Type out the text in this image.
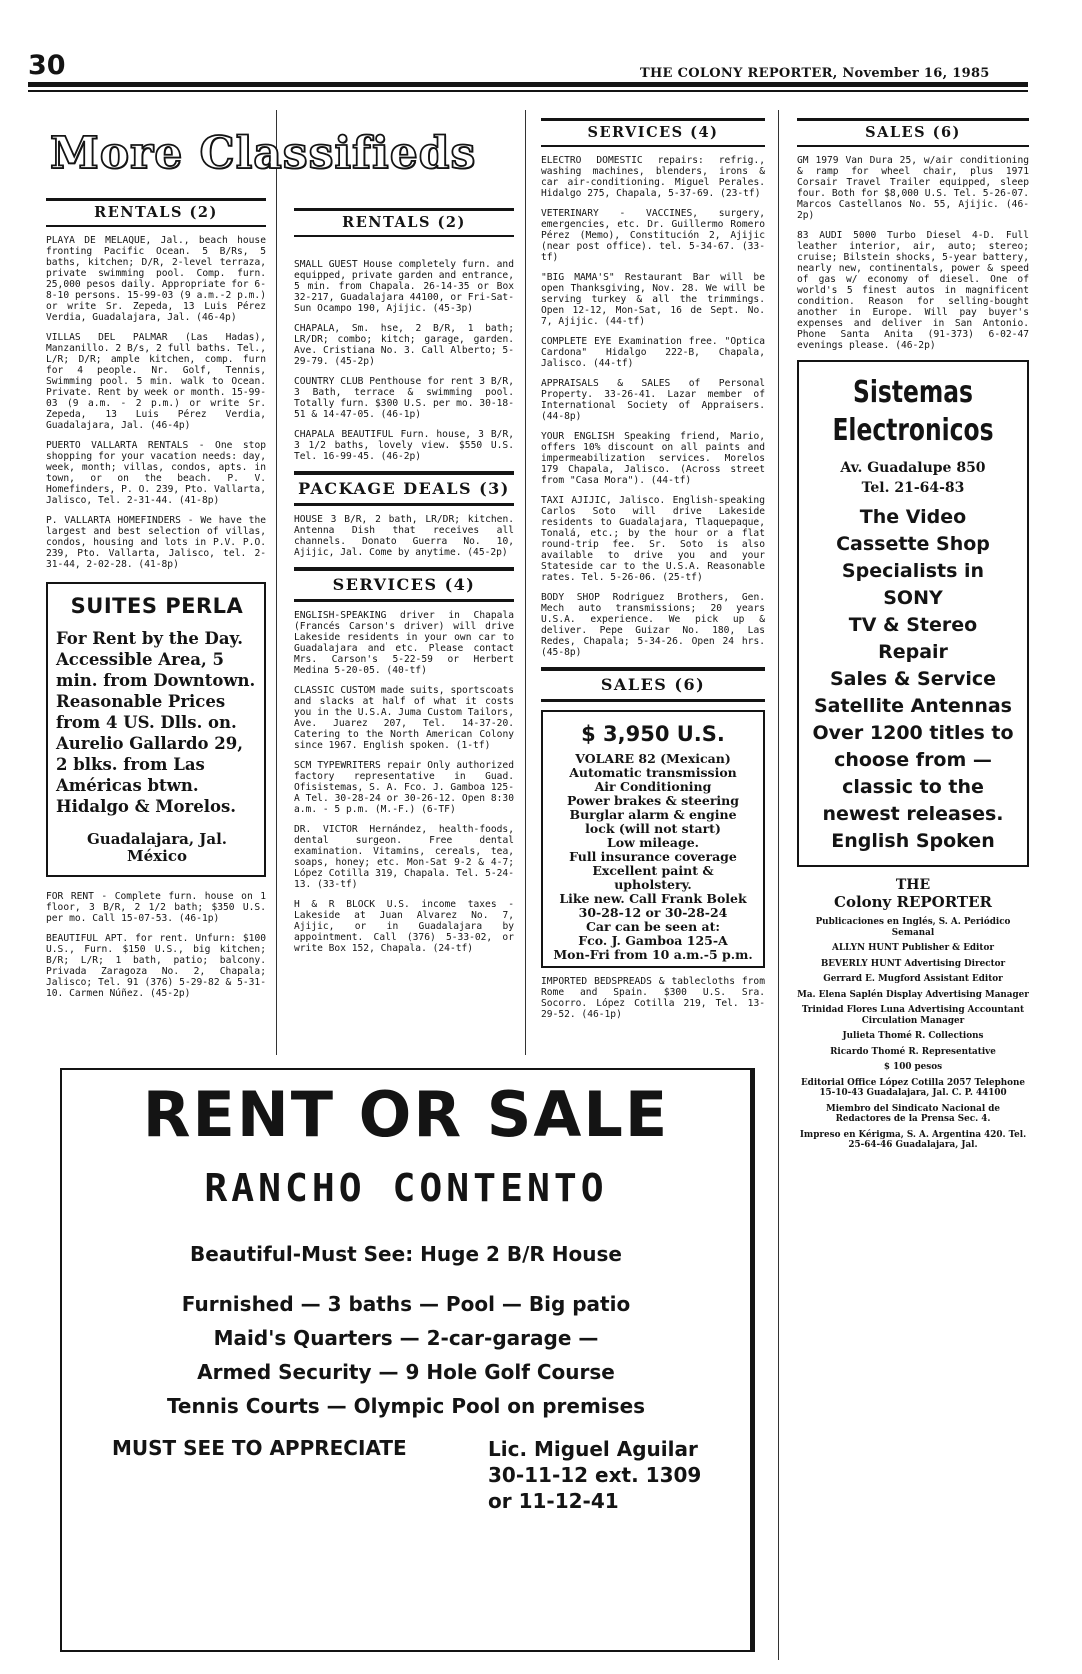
30	THE COLONY REPORTER, November 16, 1985
More Classifieds
RENTALS (2)
PLAYA DE MELAQUE, Jal., beach house fronting Pacific Ocean. 5 B/Rs, 5 baths, kitchen; D/R, 2-level terraza, private swimming pool. Comp. furn. 25,000 pesos daily. Appropriate for 6-8-10 persons. 15-99-03 (9 a.m.-2 p.m.) or write Sr. Zepeda, 13 Luis Pérez Verdia, Guadalajara, Jal. (46-4p)
VILLAS DEL PALMAR (Las Hadas), Manzanillo. 2 B/s, 2 full baths. Tel., L/R; D/R; ample kitchen, comp. furn for 4 people. Nr. Golf, Tennis, Swimming pool. 5 min. walk to Ocean. Private. Rent by week or month. 15-99-03 (9 a.m. - 2 p.m.) or write Sr. Zepeda, 13 Luis Pérez Verdia, Guadalajara, Jal. (46-4p)
PUERTO VALLARTA RENTALS - One stop shopping for your vacation needs: day, week, month; villas, condos, apts. in town, or on the beach. P. V. Homefinders, P. O. 239, Pto. Vallarta, Jalisco, Tel. 2-31-44. (41-8p)
P. VALLARTA HOMEFINDERS - We have the largest and best selection of villas, condos, housing and lots in P.V. P.O. 239, Pto. Vallarta, Jalisco, tel. 2-31-44, 2-02-28. (41-8p)
SUITES PERLA
For Rent by the Day. Accessible Area, 5 min. from Downtown. Reasonable Prices from 4 US. Dlls. on. Aurelio Gallardo 29, 2 blks. from Las Américas btwn. Hidalgo & Morelos.
Guadalajara, Jal.
México
FOR RENT - Complete furn. house on 1 floor, 3 B/R, 2 1/2 bath; $350 U.S. per mo. Call 15-07-53. (46-1p)
BEAUTIFUL APT. for rent. Unfurn: $100 U.S., Furn. $150 U.S., big kitchen; B/R; L/R; 1 bath, patio; balcony. Privada Zaragoza No. 2, Chapala; Jalisco; Tel. 91 (376) 5-29-82 & 5-31-10. Carmen Núñez. (45-2p)
RENTALS (2)
SMALL GUEST House completely furn. and equipped, private garden and entrance, 5 min. from Chapala. 26-14-35 or Box 32-217, Guadalajara 44100, or Fri-Sat-Sun Ocampo 190, Ajijic. (45-3p)
CHAPALA, Sm. hse, 2 B/R, 1 bath; LR/DR; combo; kitch; garage, garden. Ave. Cristiana No. 3. Call Alberto; 5-29-79. (45-2p)
COUNTRY CLUB Penthouse for rent 3 B/R, 3 Bath, terrace & swimming pool. Totally furn. $300 U.S. per mo. 30-18-51 & 14-47-05. (46-1p)
CHAPALA BEAUTIFUL Furn. house, 3 B/R, 3 1/2 baths, lovely view. $550 U.S. Tel. 16-99-45. (46-2p)
PACKAGE DEALS (3)
HOUSE 3 B/R, 2 bath, LR/DR; kitchen. Antenna Dish that receives all channels. Donato Guerra No. 10, Ajijic, Jal. Come by anytime. (45-2p)
SERVICES (4)
ENGLISH-SPEAKING driver in Chapala (Francés Carson's driver) will drive Lakeside residents in your own car to Guadalajara and etc. Please contact Mrs. Carson's 5-22-59 or Herbert Medina 5-20-05. (40-tf)
CLASSIC CUSTOM made suits, sportscoats and slacks at half of what it costs you in the U.S.A. Juma Custom Tailors, Ave. Juarez 207, Tel. 14-37-20. Catering to the North American Colony since 1967. English spoken. (1-tf)
SCM TYPEWRITERS repair Only authorized factory representative in Guad. Ofisistemas, S. A. Fco. J. Gamboa 125-A Tel. 30-28-24 or 30-26-12. Open 8:30 a.m. - 5 p.m. (M.-F.) (6-TF)
DR. VICTOR Hernández, health-foods, dental surgeon. Free dental examination. Vitamins, cereals, tea, soaps, honey; etc. Mon-Sat 9-2 & 4-7; López Cotilla 319, Chapala. Tel. 5-24-13. (33-tf)
H & R BLOCK U.S. income taxes - Lakeside at Juan Alvarez No. 7, Ajijic, or in Guadalajara by appointment. Call (376) 5-33-02, or write Box 152, Chapala. (24-tf)
SERVICES (4)
ELECTRO DOMESTIC repairs: refrig., washing machines, blenders, irons & car air-conditioning. Miguel Perales. Hidalgo 275, Chapala, 5-37-69. (23-tf)
VETERINARY - VACCINES, surgery, emergencies, etc. Dr. Guillermo Romero Pérez (Memo), Constitución 2, Ajijic (near post office). tel. 5-34-67. (33-tf)
"BIG MAMA'S" Restaurant Bar will be open Thanksgiving, Nov. 28. We will be serving turkey & all the trimmings. Open 12-12, Mon-Sat, 16 de Sept. No. 7, Ajijic. (44-tf)
COMPLETE EYE Examination free. "Optica Cardona" Hidalgo 222-B, Chapala, Jalisco. (44-tf)
APPRAISALS & SALES of Personal Property. 33-26-41. Lazar member of International Society of Appraisers. (44-8p)
YOUR ENGLISH Speaking friend, Mario, offers 10% discount on all paints and impermeabilization services. Morelos 179 Chapala, Jalisco. (Across street from "Casa Mora"). (44-tf)
TAXI AJIJIC, Jalisco. English-speaking Carlos Soto will drive Lakeside residents to Guadalajara, Tlaquepaque, Tonalá, etc.; by the hour or a flat round-trip fee. Sr. Soto is also available to drive you and your Stateside car to the U.S.A. Reasonable rates. Tel. 5-26-06. (25-tf)
BODY SHOP Rodriguez Brothers, Gen. Mech auto transmissions; 20 years U.S.A. experience. We pick up & deliver. Pepe Guizar No. 180, Las Redes, Chapala; 5-34-26. Open 24 hrs. (45-8p)
SALES (6)
$ 3,950 U.S.
VOLARE 82 (Mexican)
Automatic transmission
Air Conditioning
Power brakes & steering
Burglar alarm & engine
lock (will not start)
Low mileage.
Full insurance coverage
Excellent paint &
upholstery.
Like new. Call Frank Bolek
30-28-12 or 30-28-24
Car can be seen at:
Fco. J. Gamboa 125-A
Mon-Fri from 10 a.m.-5 p.m.
IMPORTED BEDSPREADS & tablecloths from Rome and Spain. $300 U.S. Sra. Socorro. López Cotilla 219, Tel. 13-29-52. (46-1p)
SALES (6)
GM 1979 Van Dura 25, w/air conditioning & ramp for wheel chair, plus 1971 Corsair Travel Trailer equipped, sleep four. Both for $8,000 U.S. Tel. 5-26-07. Marcos Castellanos No. 55, Ajijic. (46-2p)
83 AUDI 5000 Turbo Diesel 4-D. Full leather interior, air, auto; stereo; cruise; Bilstein shocks, 5-year battery, nearly new, continentals, power & speed of gas w/ economy of diesel. One of world's 5 finest autos in magnificent condition. Reason for selling-bought another in Europe. Will pay buyer's expenses and deliver in San Antonio. Phone Santa Anita (91-373) 6-02-47 evenings please. (46-2p)
Sistemas
Electronicos
Av. Guadalupe 850
Tel. 21-64-83
The Video
Cassette Shop
Specialists in
SONY
TV & Stereo
Repair
Sales & Service
Satellite Antennas
Over 1200 titles to
choose from —
classic to the
newest releases.
English Spoken
THE
Colony REPORTER
Publicaciones en Inglés, S. A. Periódico Semanal
ALLYN HUNT Publisher & Editor
BEVERLY HUNT Advertising Director
Gerrard E. Mugford Assistant Editor
Ma. Elena Saplén Display Advertising Manager
Trinidad Flores Luna Advertising Accountant Circulation Manager
Julieta Thomé R. Collections
Ricardo Thomé R. Representative
$ 100 pesos
Editorial Office López Cotilla 2057 Telephone 15-10-43 Guadalajara, Jal. C. P. 44100
Miembro del Sindicato Nacional de Redactores de la Prensa Sec. 4.
Impreso en Kérigma, S. A. Argentina 420. Tel. 25-64-46 Guadalajara, Jal.
RENT OR SALE
RANCHO CONTENTO
Beautiful-Must See: Huge 2 B/R House
Furnished — 3 baths — Pool — Big patio
Maid's Quarters — 2-car-garage —
Armed Security — 9 Hole Golf Course
Tennis Courts — Olympic Pool on premises
MUST SEE TO APPRECIATE	Lic. Miguel Aguilar
30-11-12 ext. 1309
or 11-12-41
